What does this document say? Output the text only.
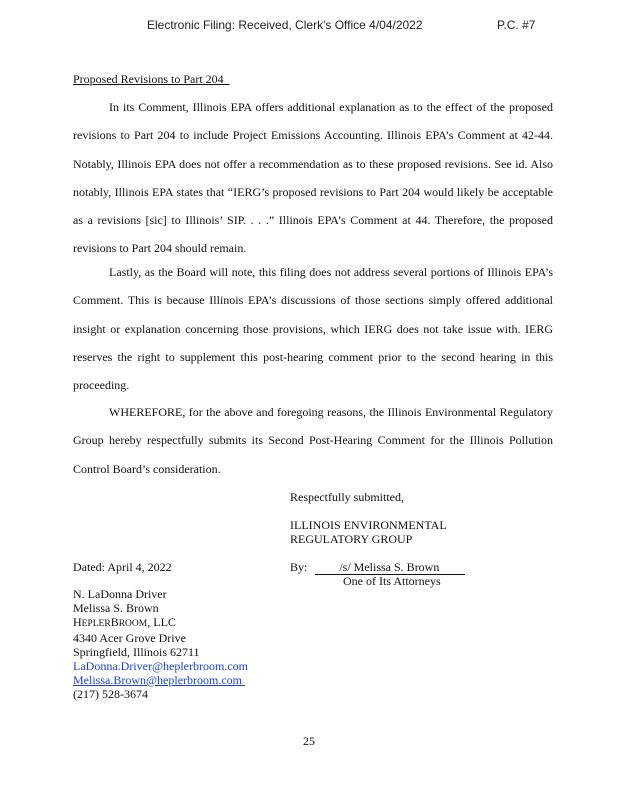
Electronic Filing: Received, Clerk's Office 4/04/2022	P.C. #7
Proposed Revisions to Part 204

In its Comment, Illinois EPA offers additional explanation as to the effect of the proposed revisions to Part 204 to include Project Emissions Accounting. Illinois EPA’s Comment at 42-44. Notably, Illinois EPA does not offer a recommendation as to these proposed revisions. See id. Also notably, Illinois EPA states that “IERG’s proposed revisions to Part 204 would likely be acceptable as a revisions [sic] to Illinois’ SIP. . . .” Illinois EPA’s Comment at 44. Therefore, the proposed revisions to Part 204 should remain.

Lastly, as the Board will note, this filing does not address several portions of Illinois EPA’s Comment. This is because Illinois EPA’s discussions of those sections simply offered additional insight or explanation concerning those provisions, which IERG does not take issue with. IERG reserves the right to supplement this post-hearing comment prior to the second hearing in this proceeding.

WHEREFORE, for the above and foregoing reasons, the Illinois Environmental Regulatory Group hereby respectfully submits its Second Post-Hearing Comment for the Illinois Pollution Control Board’s consideration.

Respectfully submitted,
ILLINOIS ENVIRONMENTAL
REGULATORY GROUP
Dated: April 4, 2022	By:	/s/ Melissa S. Brown
One of Its Attorneys
N. LaDonna Driver
Melissa S. Brown
HEPLERBROOM, LLC
4340 Acer Grove Drive
Springfield, Illinois 62711
LaDonna.Driver@heplerbroom.com
Melissa.Brown@heplerbroom.com
(217) 528-3674
25
